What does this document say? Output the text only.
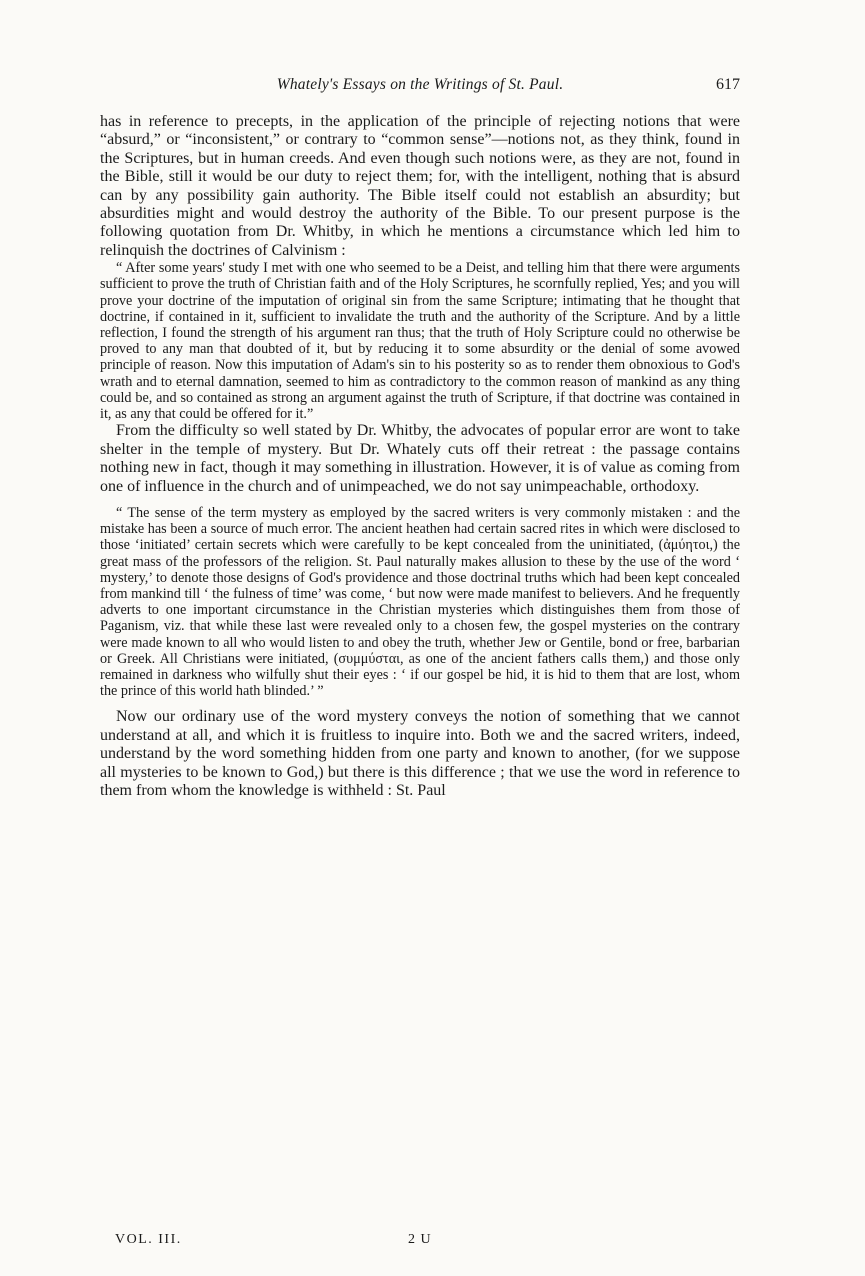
Whately's Essays on the Writings of St. Paul.	617

has in reference to precepts, in the application of the principle of rejecting notions that were “absurd,” or “inconsistent,” or contrary to “common sense”—notions not, as they think, found in the Scriptures, but in human creeds. And even though such notions were, as they are not, found in the Bible, still it would be our duty to reject them; for, with the intelligent, nothing that is absurd can by any possibility gain authority. The Bible itself could not establish an absurdity; but absurdities might and would destroy the authority of the Bible. To our present purpose is the following quotation from Dr. Whitby, in which he mentions a circumstance which led him to relinquish the doctrines of Calvinism :

“ After some years' study I met with one who seemed to be a Deist, and telling him that there were arguments sufficient to prove the truth of Christian faith and of the Holy Scriptures, he scornfully replied, Yes; and you will prove your doctrine of the imputation of original sin from the same Scripture; intimating that he thought that doctrine, if contained in it, sufficient to invalidate the truth and the authority of the Scripture. And by a little reflection, I found the strength of his argument ran thus; that the truth of Holy Scripture could no otherwise be proved to any man that doubted of it, but by reducing it to some absurdity or the denial of some avowed principle of reason. Now this imputation of Adam's sin to his posterity so as to render them obnoxious to God's wrath and to eternal damnation, seemed to him as contradictory to the common reason of mankind as any thing could be, and so contained as strong an argument against the truth of Scripture, if that doctrine was contained in it, as any that could be offered for it.”

From the difficulty so well stated by Dr. Whitby, the advocates of popular error are wont to take shelter in the temple of mystery. But Dr. Whately cuts off their retreat : the passage contains nothing new in fact, though it may something in illustration. However, it is of value as coming from one of influence in the church and of unimpeached, we do not say unimpeachable, orthodoxy.

“ The sense of the term mystery as employed by the sacred writers is very commonly mistaken : and the mistake has been a source of much error. The ancient heathen had certain sacred rites in which were disclosed to those ‘initiated’ certain secrets which were carefully to be kept concealed from the uninitiated, (ἀμύητοι,) the great mass of the professors of the religion. St. Paul naturally makes allusion to these by the use of the word ‘ mystery,’ to denote those designs of God's providence and those doctrinal truths which had been kept concealed from mankind till ‘ the fulness of time’ was come, ‘ but now were made manifest to believers. And he frequently adverts to one important circumstance in the Christian mysteries which distinguishes them from those of Paganism, viz. that while these last were revealed only to a chosen few, the gospel mysteries on the contrary were made known to all who would listen to and obey the truth, whether Jew or Gentile, bond or free, barbarian or Greek. All Christians were initiated, (συμμύσται, as one of the ancient fathers calls them,) and those only remained in darkness who wilfully shut their eyes : ‘ if our gospel be hid, it is hid to them that are lost, whom the prince of this world hath blinded.’ ”

Now our ordinary use of the word mystery conveys the notion of something that we cannot understand at all, and which it is fruitless to inquire into. Both we and the sacred writers, indeed, understand by the word something hidden from one party and known to another, (for we suppose all mysteries to be known to God,) but there is this difference ; that we use the word in reference to them from whom the knowledge is withheld : St. Paul

VOL. III.	2 U
